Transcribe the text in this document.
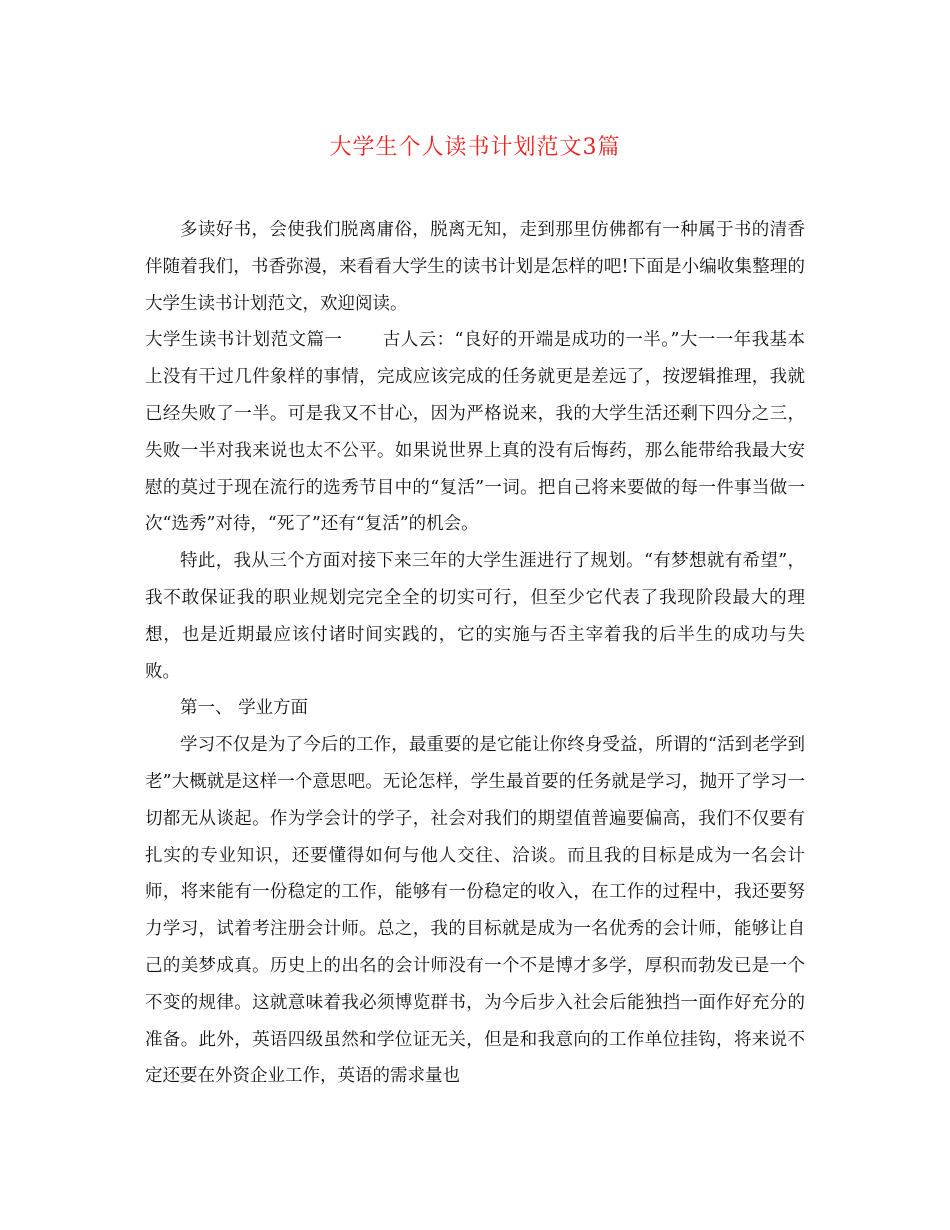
大学生个人读书计划范文3篇

多读好书，会使我们脱离庸俗，脱离无知，走到那里仿佛都有一种属于书的清香伴随着我们，书香弥漫，来看看大学生的读书计划是怎样的吧!下面是小编收集整理的大学生读书计划范文，欢迎阅读。

大学生读书计划范文篇一 古人云：“良好的开端是成功的一半。”大一一年我基本上没有干过几件象样的事情，完成应该完成的任务就更是差远了，按逻辑推理，我就已经失败了一半。可是我又不甘心，因为严格说来，我的大学生活还剩下四分之三，失败一半对我来说也太不公平。如果说世界上真的没有后悔药，那么能带给我最大安慰的莫过于现在流行的选秀节目中的“复活”一词。把自己将来要做的每一件事当做一次“选秀”对待，“死了”还有“复活”的机会。

特此，我从三个方面对接下来三年的大学生涯进行了规划。“有梦想就有希望”，我不敢保证我的职业规划完完全全的切实可行，但至少它代表了我现阶段最大的理想，也是近期最应该付诸时间实践的，它的实施与否主宰着我的后半生的成功与失败。

第一、 学业方面

学习不仅是为了今后的工作，最重要的是它能让你终身受益，所谓的“活到老学到老”大概就是这样一个意思吧。无论怎样，学生最首要的任务就是学习，抛开了学习一切都无从谈起。作为学会计的学子，社会对我们的期望值普遍要偏高，我们不仅要有扎实的专业知识，还要懂得如何与他人交往、洽谈。而且我的目标是成为一名会计师，将来能有一份稳定的工作，能够有一份稳定的收入，在工作的过程中，我还要努力学习，试着考注册会计师。总之，我的目标就是成为一名优秀的会计师，能够让自己的美梦成真。历史上的出名的会计师没有一个不是博才多学，厚积而勃发已是一个不变的规律。这就意味着我必须博览群书，为今后步入社会后能独挡一面作好充分的准备。此外，英语四级虽然和学位证无关，但是和我意向的工作单位挂钩，将来说不定还要在外资企业工作，英语的需求量也
